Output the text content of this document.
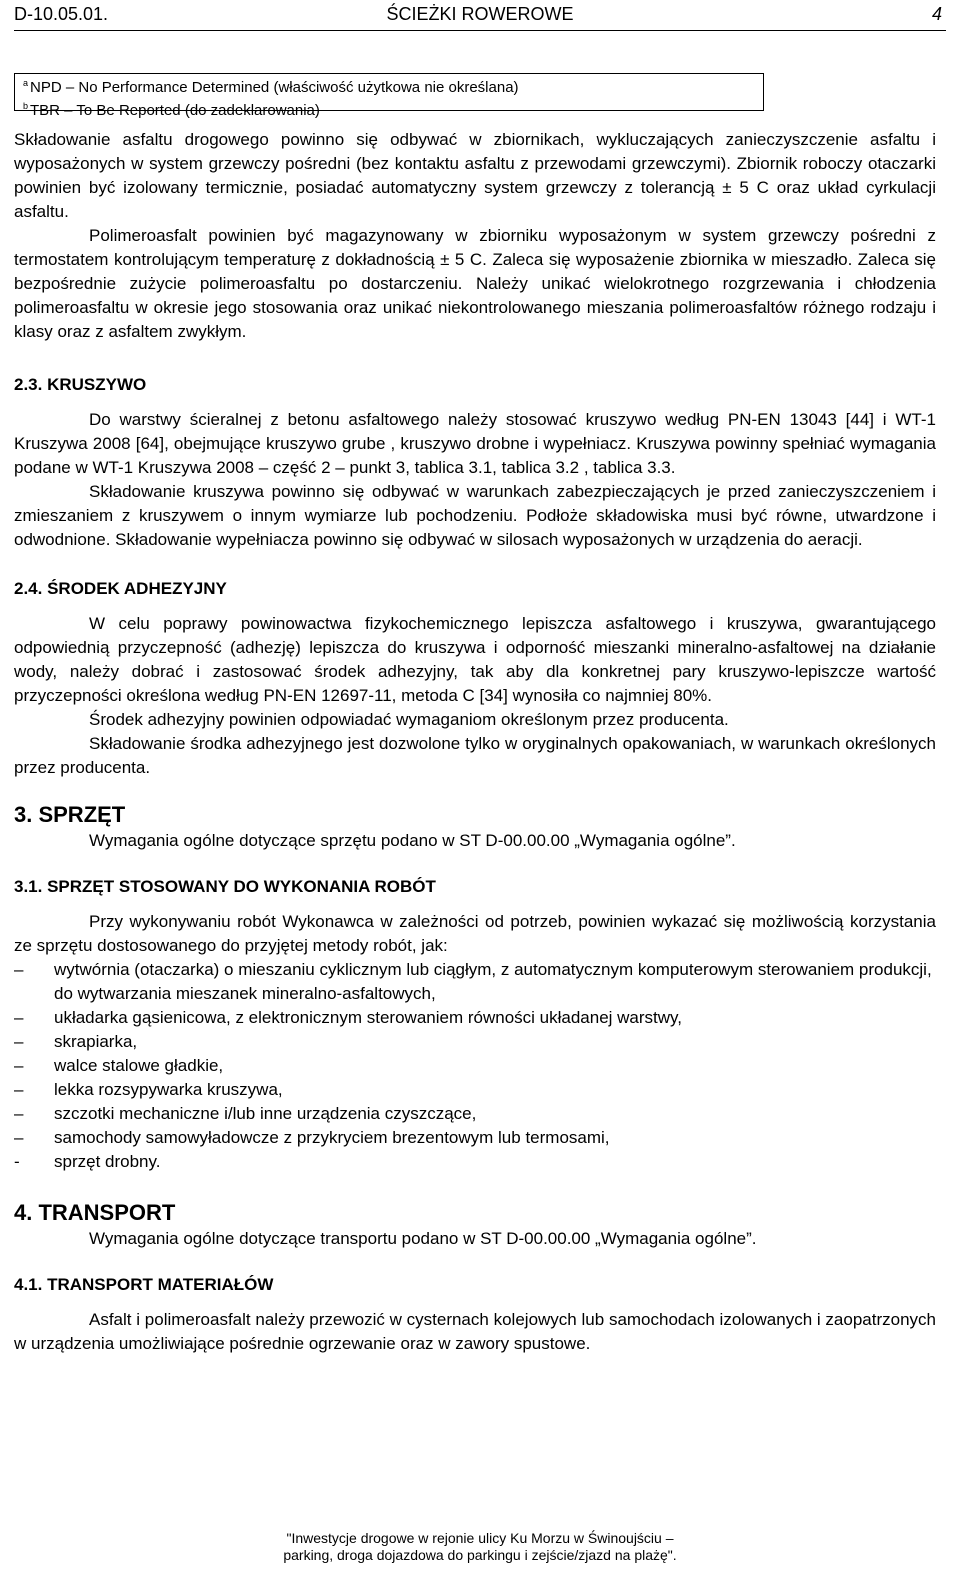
D-10.05.01.	ŚCIEŻKI ROWEROWE	4
$^a$ NPD – No Performance Determined (właściwość użytkowa nie określana)
$^b$ TBR – To Be Reported (do zadeklarowania)

Składowanie asfaltu drogowego powinno się odbywać w zbiornikach, wykluczających zanieczyszczenie asfaltu i wyposażonych w system grzewczy pośredni (bez kontaktu asfaltu z przewodami grzewczymi). Zbiornik roboczy otaczarki powinien być izolowany termicznie, posiadać automatyczny system grzewczy z tolerancją ± 5 C oraz układ cyrkulacji asfaltu.

Polimeroasfalt powinien być magazynowany w zbiorniku wyposażonym w system grzewczy pośredni z termostatem kontrolującym temperaturę z dokładnością ± 5 C. Zaleca się wyposażenie zbiornika w mieszadło. Zaleca się bezpośrednie zużycie polimeroasfaltu po dostarczeniu. Należy unikać wielokrotnego rozgrzewania i chłodzenia polimeroasfaltu w okresie jego stosowania oraz unikać niekontrolowanego mieszania polimeroasfaltów różnego rodzaju i klasy oraz z asfaltem zwykłym.

2.3. KRUSZYWO

Do warstwy ścieralnej z betonu asfaltowego należy stosować kruszywo według PN-EN 13043 [44] i WT-1 Kruszywa 2008 [64], obejmujące kruszywo grube , kruszywo drobne i wypełniacz. Kruszywa powinny spełniać wymagania podane w WT-1 Kruszywa 2008 – część 2 – punkt 3, tablica 3.1, tablica 3.2 , tablica 3.3.

Składowanie kruszywa powinno się odbywać w warunkach zabezpieczających je przed zanieczyszczeniem i zmieszaniem z kruszywem o innym wymiarze lub pochodzeniu. Podłoże składowiska musi być równe, utwardzone i odwodnione. Składowanie wypełniacza powinno się odbywać w silosach wyposażonych w urządzenia do aeracji.

2.4. ŚRODEK ADHEZYJNY

W celu poprawy powinowactwa fizykochemicznego lepiszcza asfaltowego i kruszywa, gwarantującego odpowiednią przyczepność (adhezję) lepiszcza do kruszywa i odporność mieszanki mineralno-asfaltowej na działanie wody, należy dobrać i zastosować środek adhezyjny, tak aby dla konkretnej pary kruszywo-lepiszcze wartość przyczepności określona według PN-EN 12697-11, metoda C [34] wynosiła co najmniej 80%.

Środek adhezyjny powinien odpowiadać wymaganiom określonym przez producenta.

Składowanie środka adhezyjnego jest dozwolone tylko w oryginalnych opakowaniach, w warunkach określonych przez producenta.

3. SPRZĘT

Wymagania ogólne dotyczące sprzętu podano w ST D-00.00.00 „Wymagania ogólne”.

3.1. SPRZĘT STOSOWANY DO WYKONANIA ROBÓT

Przy wykonywaniu robót Wykonawca w zależności od potrzeb, powinien wykazać się możliwością korzystania ze sprzętu dostosowanego do przyjętej metody robót, jak:

–	wytwórnia (otaczarka) o mieszaniu cyklicznym lub ciągłym, z automatycznym komputerowym sterowaniem produkcji, do wytwarzania mieszanek mineralno-asfaltowych,
–	układarka gąsienicowa, z elektronicznym sterowaniem równości układanej warstwy,
–	skrapiarka,
–	walce stalowe gładkie,
–	lekka rozsypywarka kruszywa,
–	szczotki mechaniczne i/lub inne urządzenia czyszczące,
–	samochody samowyładowcze z przykryciem brezentowym lub termosami,
-	sprzęt drobny.
4. TRANSPORT

Wymagania ogólne dotyczące transportu podano w ST D-00.00.00 „Wymagania ogólne”.

4.1. TRANSPORT MATERIAŁÓW

Asfalt i polimeroasfalt należy przewozić w cysternach kolejowych lub samochodach izolowanych i zaopatrzonych w urządzenia umożliwiające pośrednie ogrzewanie oraz w zawory spustowe.

"Inwestycje drogowe w rejonie ulicy Ku Morzu w Świnoujściu –
parking, droga dojazdowa do parkingu i zejście/zjazd na plażę".
